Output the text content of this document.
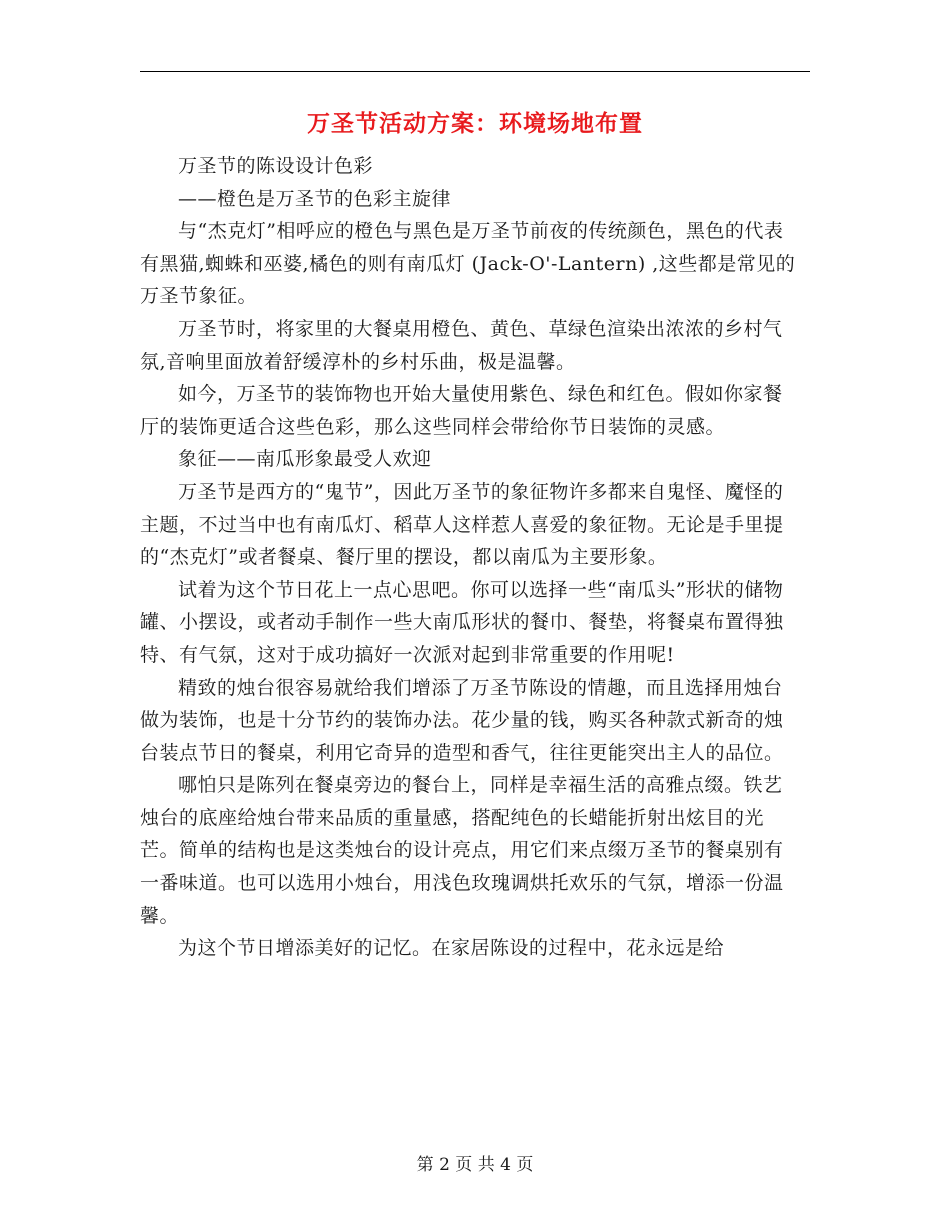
万圣节活动方案：环境场地布置

万圣节的陈设设计色彩

——橙色是万圣节的色彩主旋律

与“杰克灯”相呼应的橙色与黑色是万圣节前夜的传统颜色，黑色的代表有黑猫,蜘蛛和巫婆,橘色的则有南瓜灯 (Jack-O'-Lantern) ,这些都是常见的万圣节象征。

万圣节时，将家里的大餐桌用橙色、黄色、草绿色渲染出浓浓的乡村气氛,音响里面放着舒缓淳朴的乡村乐曲，极是温馨。

如今，万圣节的装饰物也开始大量使用紫色、绿色和红色。假如你家餐厅的装饰更适合这些色彩，那么这些同样会带给你节日装饰的灵感。

象征——南瓜形象最受人欢迎

万圣节是西方的“鬼节”，因此万圣节的象征物许多都来自鬼怪、魔怪的主题，不过当中也有南瓜灯、稻草人这样惹人喜爱的象征物。无论是手里提的“杰克灯”或者餐桌、餐厅里的摆设，都以南瓜为主要形象。

试着为这个节日花上一点心思吧。你可以选择一些“南瓜头”形状的储物罐、小摆设，或者动手制作一些大南瓜形状的餐巾、餐垫，将餐桌布置得独特、有气氛，这对于成功搞好一次派对起到非常重要的作用呢!

精致的烛台很容易就给我们增添了万圣节陈设的情趣，而且选择用烛台做为装饰，也是十分节约的装饰办法。花少量的钱，购买各种款式新奇的烛台装点节日的餐桌，利用它奇异的造型和香气，往往更能突出主人的品位。

哪怕只是陈列在餐桌旁边的餐台上，同样是幸福生活的高雅点缀。铁艺烛台的底座给烛台带来品质的重量感，搭配纯色的长蜡能折射出炫目的光芒。简单的结构也是这类烛台的设计亮点，用它们来点缀万圣节的餐桌别有一番味道。也可以选用小烛台，用浅色玫瑰调烘托欢乐的气氛，增添一份温馨。

为这个节日增添美好的记忆。在家居陈设的过程中，花永远是给

第 2 页 共 4 页
